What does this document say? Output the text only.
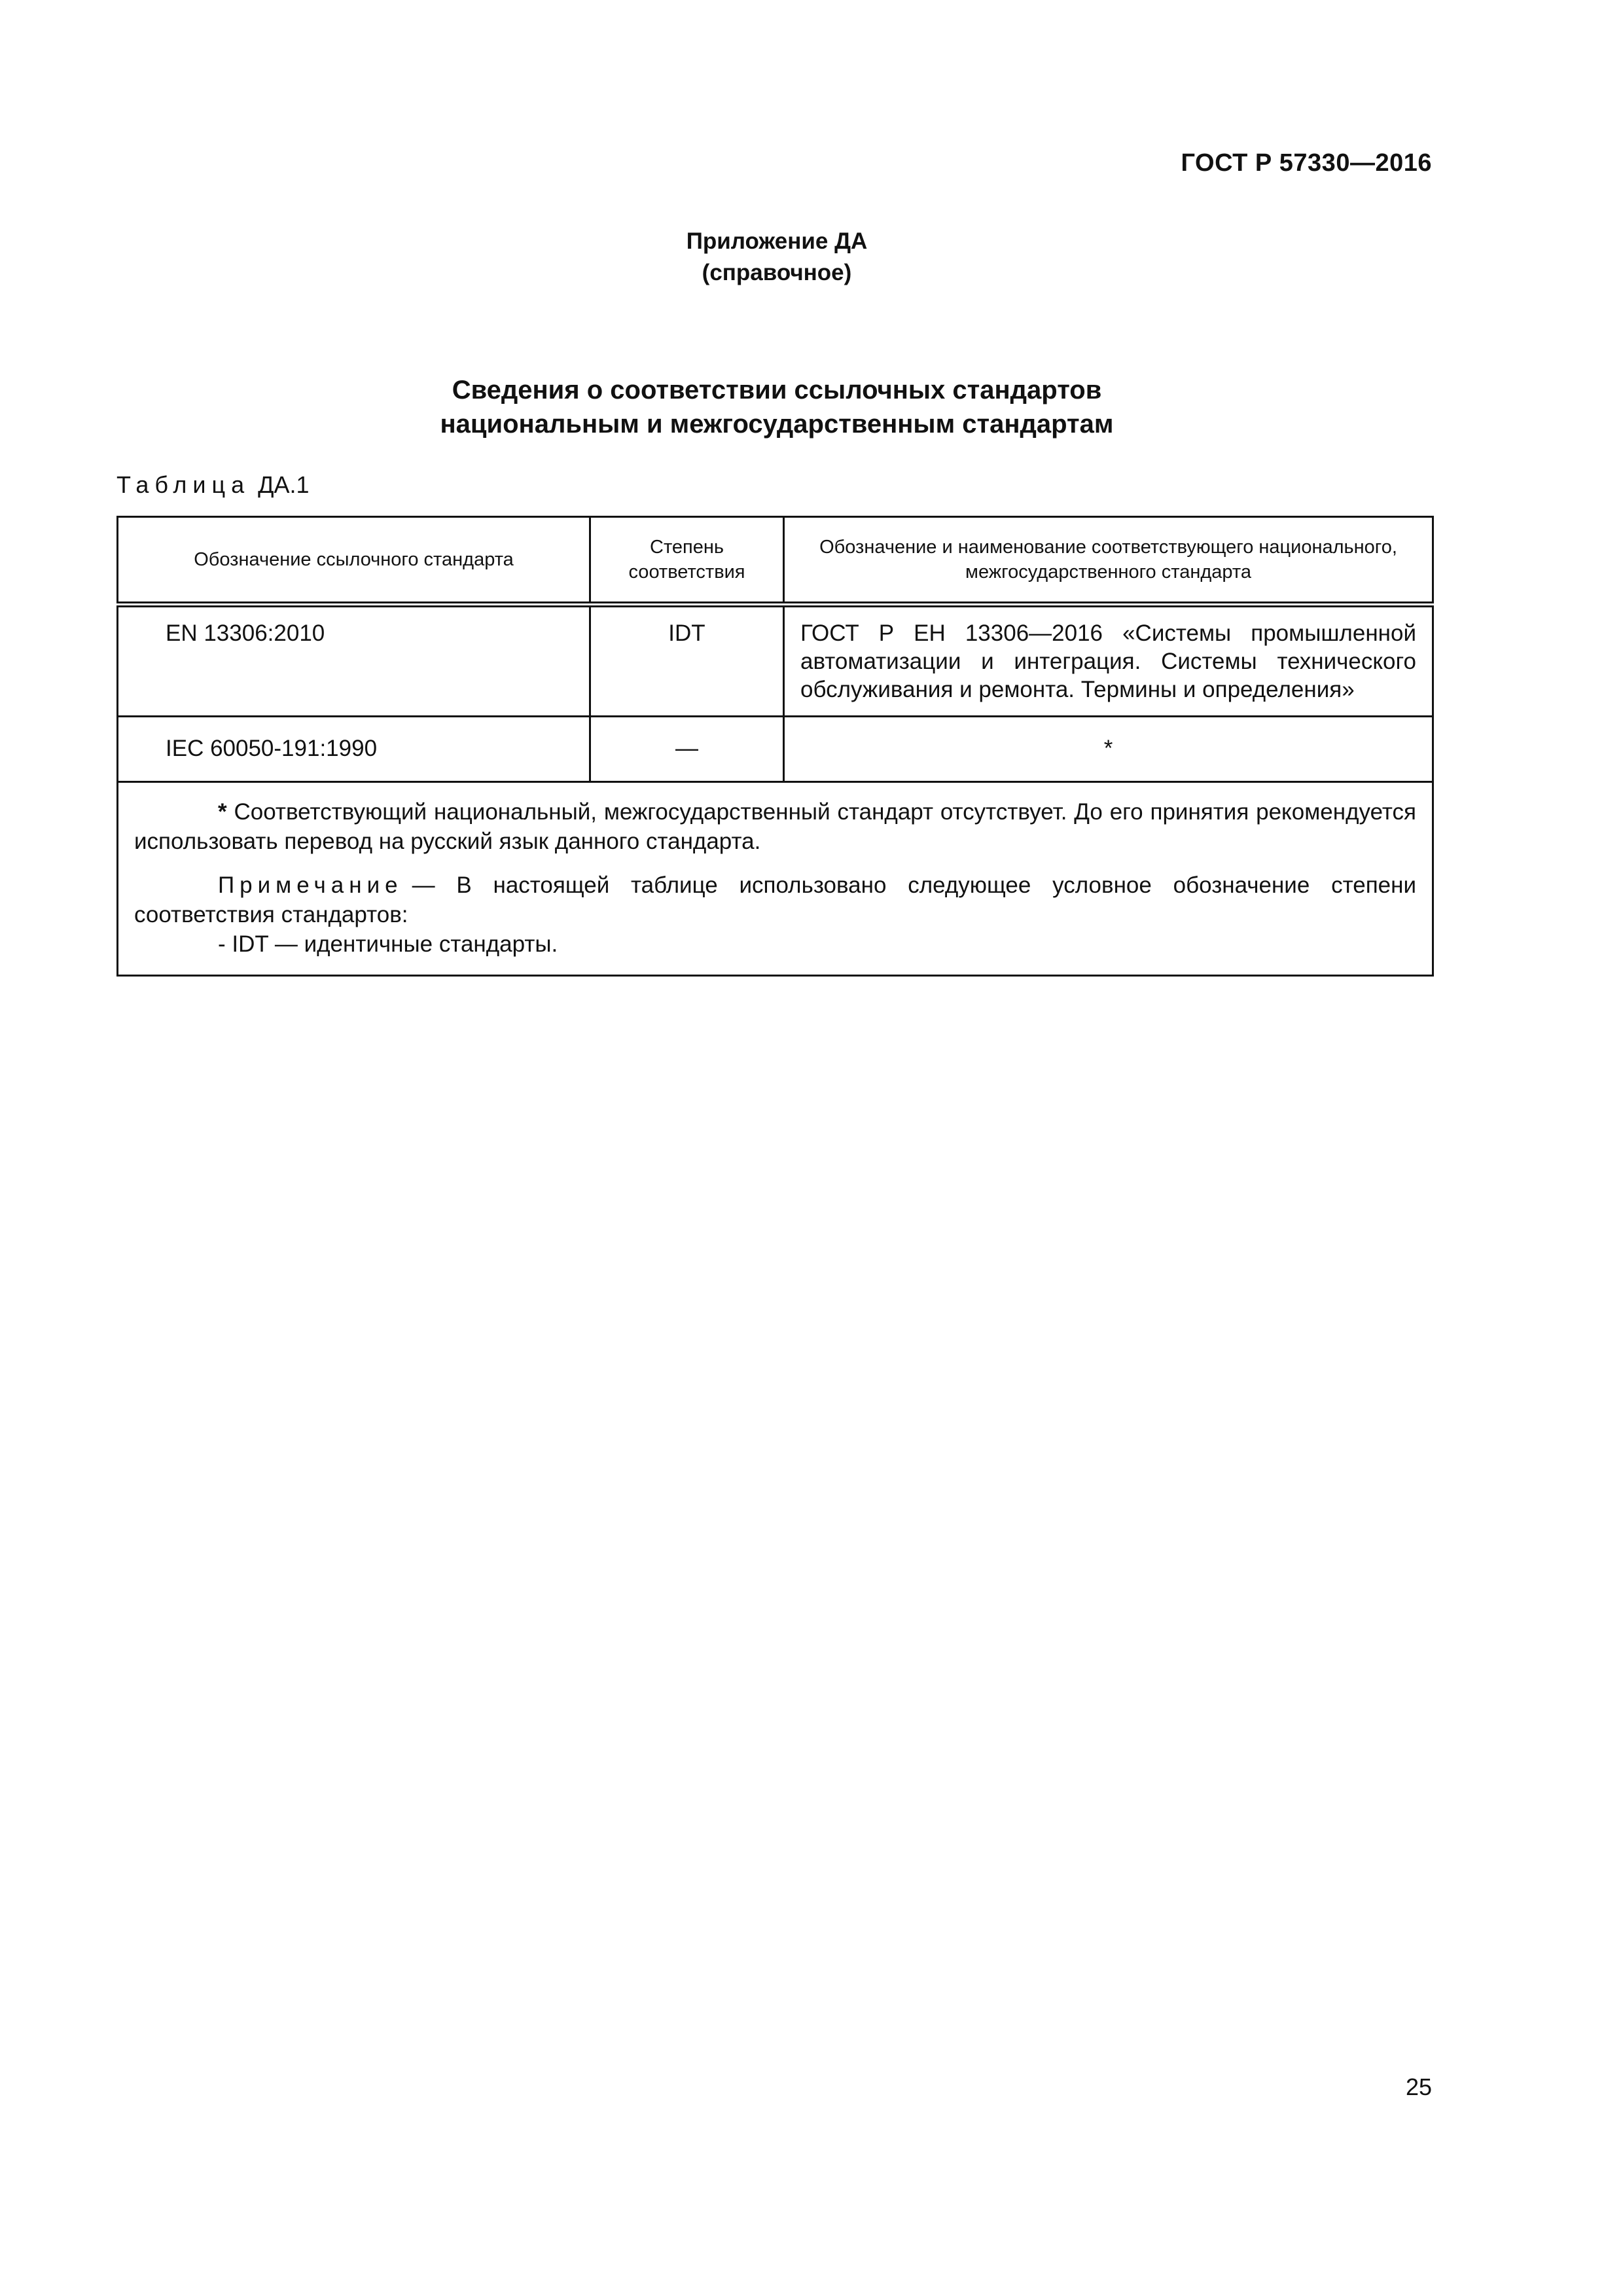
ГОСТ Р 57330—2016
Приложение ДА
(справочное)
Сведения о соответствии ссылочных стандартов
национальным и межгосударственным стандартам
Таблица ДА.1
Обозначение ссылочного стандарта	Степень соответствия	Обозначение и наименование соответствующего национального, межгосударственного стандарта
EN 13306:2010	IDT	ГОСТ Р ЕН 13306—2016 «Системы промышленной автоматизации и интеграция. Системы технического обслуживания и ремонта. Термины и определения»
IEC 60050-191:1990	—	*

* Соответствующий национальный, межгосударственный стандарт отсутствует. До его принятия рекомендуется использовать перевод на русский язык данного стандарта.

Примечание — В настоящей таблице использовано следующее условное обозначение степени соответствия стандартов:

- IDT — идентичные стандарты.		

25
